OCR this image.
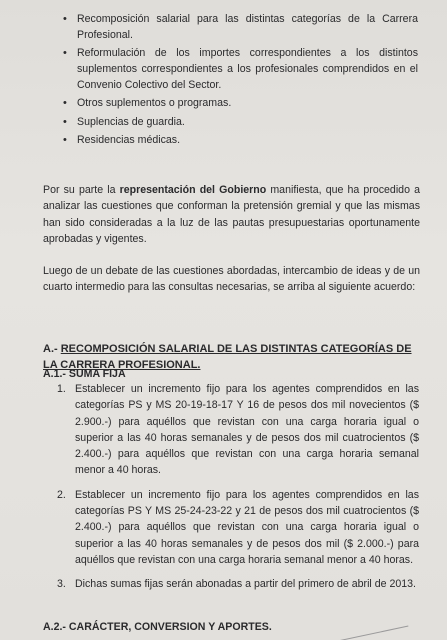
• Recomposición salarial para las distintas categorías de la Carrera Profesional.
• Reformulación de los importes correspondientes a los distintos suplementos correspondientes a los profesionales comprendidos en el Convenio Colectivo del Sector.
• Otros suplementos o programas.
• Suplencias de guardia.
• Residencias médicas.
Por su parte la representación del Gobierno manifiesta, que ha procedido a analizar las cuestiones que conforman la pretensión gremial y que las mismas han sido consideradas a la luz de las pautas presupuestarias oportunamente aprobadas y vigentes.
Luego de un debate de las cuestiones abordadas, intercambio de ideas y de un cuarto intermedio para las consultas necesarias, se arriba al siguiente acuerdo:
A.- RECOMPOSICIÓN SALARIAL DE LAS DISTINTAS CATEGORÍAS DE LA CARRERA PROFESIONAL.
A.1.- SUMA FIJA
1. Establecer un incremento fijo para los agentes comprendidos en las categorías PS y MS 20-19-18-17 Y 16 de pesos dos mil novecientos ($ 2.900.-) para aquéllos que revistan con una carga horaria igual o superior a las 40 horas semanales y de pesos dos mil cuatrocientos ($ 2.400.-) para aquéllos que revistan con una carga horaria semanal menor a 40 horas.
2. Establecer un incremento fijo para los agentes comprendidos en las categorías PS Y MS 25-24-23-22 y 21 de pesos dos mil cuatrocientos ($ 2.400.-) para aquéllos que revistan con una carga horaria igual o superior a las 40 horas semanales y de pesos dos mil ($ 2.000.-) para aquéllos que revistan con una carga horaria semanal menor a 40 horas.
3. Dichas sumas fijas serán abonadas a partir del primero de abril de 2013.
A.2.- CARÁCTER, CONVERSION Y APORTES.
